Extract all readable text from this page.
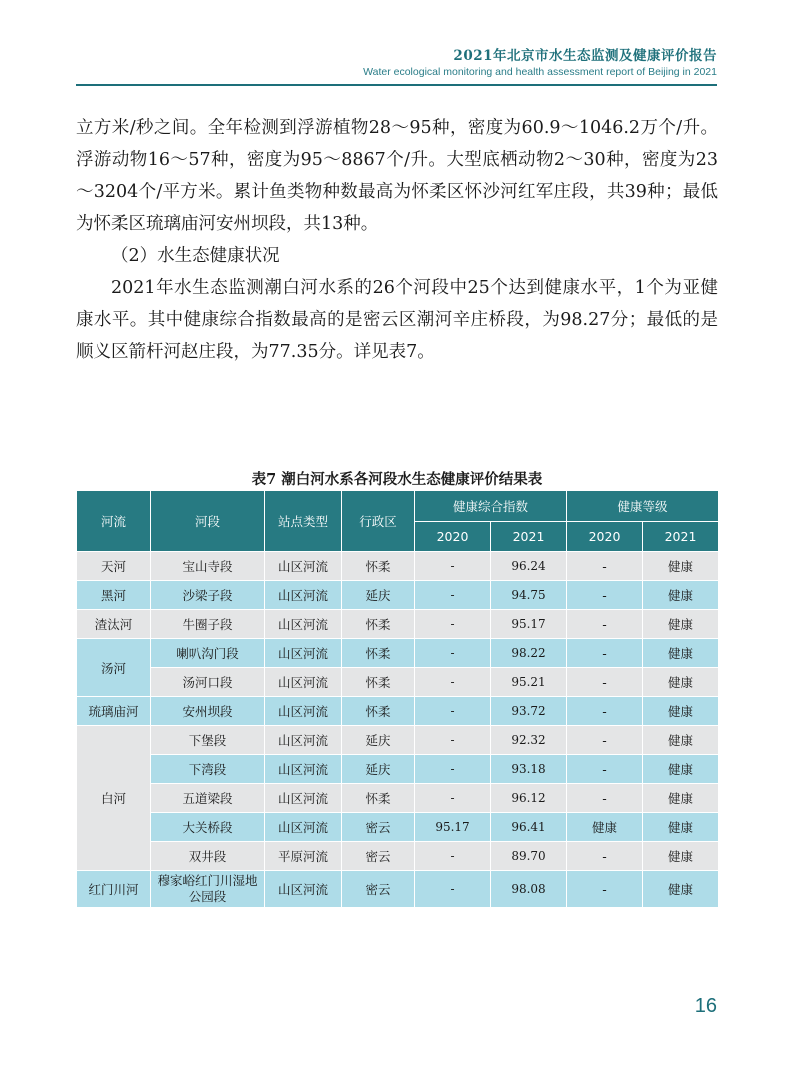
2021年北京市水生态监测及健康评价报告
Water ecological monitoring and health assessment report of Beijing in 2021

立方米/秒之间。全年检测到浮游植物28～95种，密度为60.9～1046.2万个/升。浮游动物16～57种，密度为95～8867个/升。大型底栖动物2～30种，密度为23～3204个/平方米。累计鱼类物种数最高为怀柔区怀沙河红军庄段，共39种；最低为怀柔区琉璃庙河安州坝段，共13种。

（2）水生态健康状况

2021年水生态监测潮白河水系的26个河段中25个达到健康水平，1个为亚健康水平。其中健康综合指数最高的是密云区潮河辛庄桥段，为98.27分；最低的是顺义区箭杆河赵庄段，为77.35分。详见表7。

表7 潮白河水系各河段水生态健康评价结果表
河流	河段	站点类型	行政区	健康综合指数		健康等级	
				2020	2021	2020	2021
天河	宝山寺段	山区河流	怀柔	-	96.24	-	健康
黑河	沙梁子段	山区河流	延庆	-	94.75	-	健康
渣汰河	牛圈子段	山区河流	怀柔	-	95.17	-	健康
汤河	喇叭沟门段	山区河流	怀柔	-	98.22	-	健康
	汤河口段	山区河流	怀柔	-	95.21	-	健康
琉璃庙河	安州坝段	山区河流	怀柔	-	93.72	-	健康
白河	下堡段	山区河流	延庆	-	92.32	-	健康
	下湾段	山区河流	延庆	-	93.18	-	健康
	五道梁段	山区河流	怀柔	-	96.12	-	健康
	大关桥段	山区河流	密云	95.17	96.41	健康	健康
	双井段	平原河流	密云	-	89.70	-	健康
红门川河	穆家峪红门川湿地公园段	山区河流	密云	-	98.08	-	健康
16
